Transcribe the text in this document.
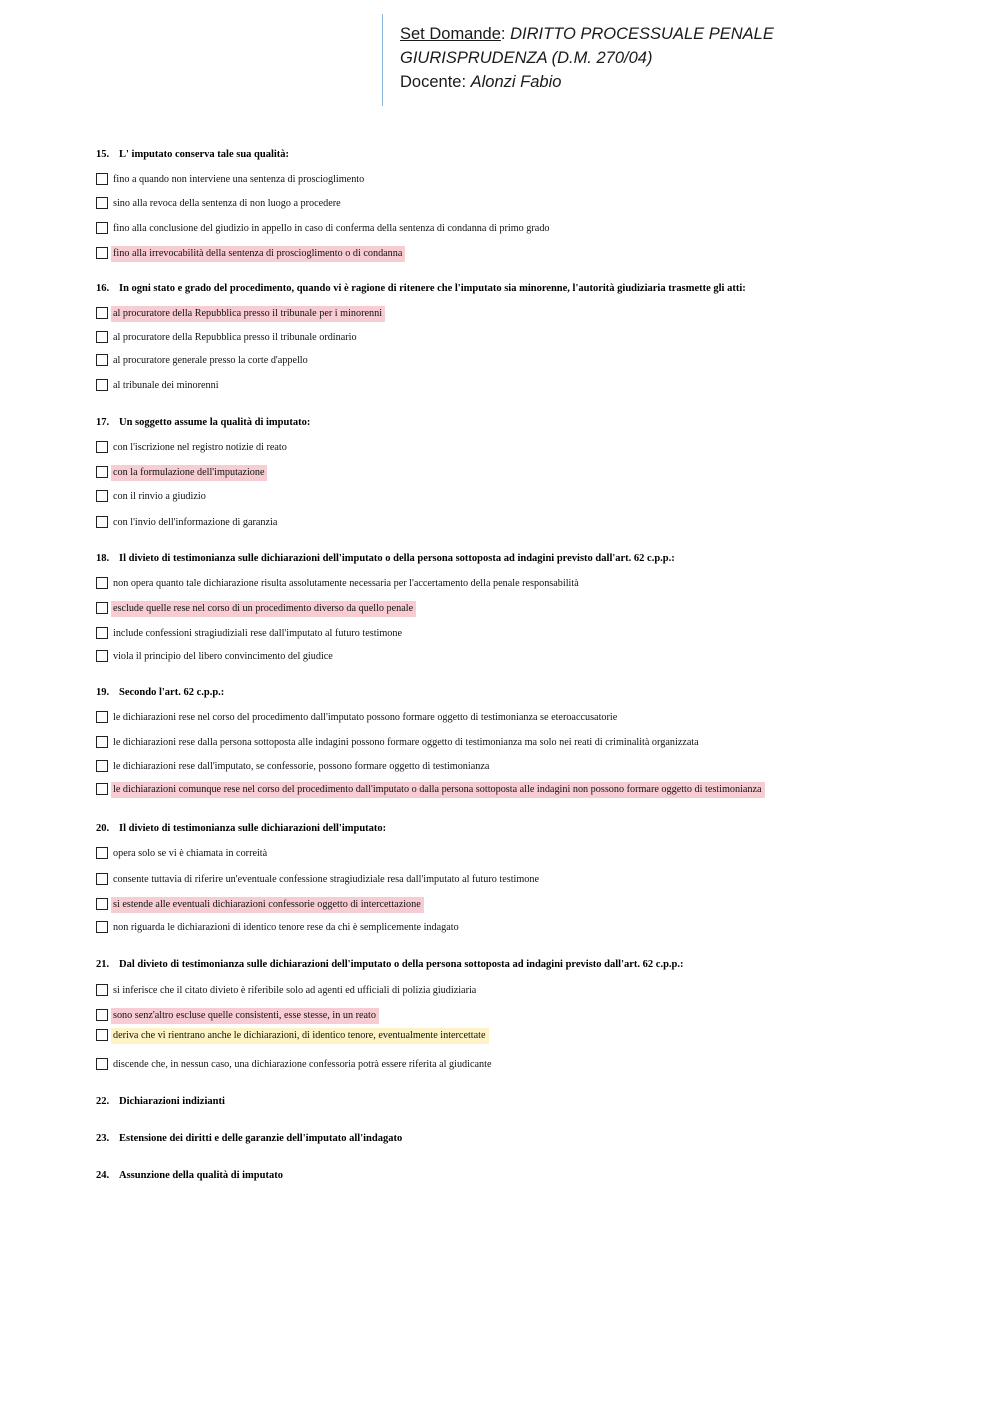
Set Domande: DIRITTO PROCESSUALE PENALE
GIURISPRUDENZA (D.M. 270/04)
Docente: Alonzi Fabio
15. L' imputato conserva tale sua qualità:
fino a quando non interviene una sentenza di proscioglimento
sino alla revoca della sentenza di non luogo a procedere
fino alla conclusione del giudizio in appello in caso di conferma della sentenza di condanna di primo grado
fino alla irrevocabilità della sentenza di proscioglimento o di condanna
16. In ogni stato e grado del procedimento, quando vi è ragione di ritenere che l'imputato sia minorenne, l'autorità giudiziaria trasmette gli atti:
al procuratore della Repubblica presso il tribunale per i minorenni
al procuratore della Repubblica presso il tribunale ordinario
al procuratore generale presso la corte d'appello
al tribunale dei minorenni
17. Un soggetto assume la qualità di imputato:
con l'iscrizione nel registro notizie di reato
con la formulazione dell'imputazione
con il rinvio a giudizio
con l'invio dell'informazione di garanzia
18. Il divieto di testimonianza sulle dichiarazioni dell'imputato o della persona sottoposta ad indagini previsto dall'art. 62 c.p.p.:
non opera quanto tale dichiarazione risulta assolutamente necessaria per l'accertamento della penale responsabilità
esclude quelle rese nel corso di un procedimento diverso da quello penale
include confessioni stragiudiziali rese dall'imputato al futuro testimone
viola il principio del libero convincimento del giudice
19. Secondo l'art. 62 c.p.p.:
le dichiarazioni rese nel corso del procedimento dall'imputato possono formare oggetto di testimonianza se eteroaccusatorie
le dichiarazioni rese dalla persona sottoposta alle indagini possono formare oggetto di testimonianza ma solo nei reati di criminalità organizzata
le dichiarazioni rese dall'imputato, se confessorie, possono formare oggetto di testimonianza
le dichiarazioni comunque rese nel corso del procedimento dall'imputato o dalla persona sottoposta alle indagini non possono formare oggetto di testimonianza
20. Il divieto di testimonianza sulle dichiarazioni dell'imputato:
opera solo se vi è chiamata in correità
consente tuttavia di riferire un'eventuale confessione stragiudiziale resa dall'imputato al futuro testimone
si estende alle eventuali dichiarazioni confessorie oggetto di intercettazione
non riguarda le dichiarazioni di identico tenore rese da chi è semplicemente indagato
21. Dal divieto di testimonianza sulle dichiarazioni dell'imputato o della persona sottoposta ad indagini previsto dall'art. 62 c.p.p.:
si inferisce che il citato divieto è riferibile solo ad agenti ed ufficiali di polizia giudiziaria
sono senz'altro escluse quelle consistenti, esse stesse, in un reato
deriva che vi rientrano anche le dichiarazioni, di identico tenore, eventualmente intercettate
discende che, in nessun caso, una dichiarazione confessoria potrà essere riferita al giudicante
22. Dichiarazioni indizianti
23. Estensione dei diritti e delle garanzie dell'imputato all'indagato
24. Assunzione della qualità di imputato
